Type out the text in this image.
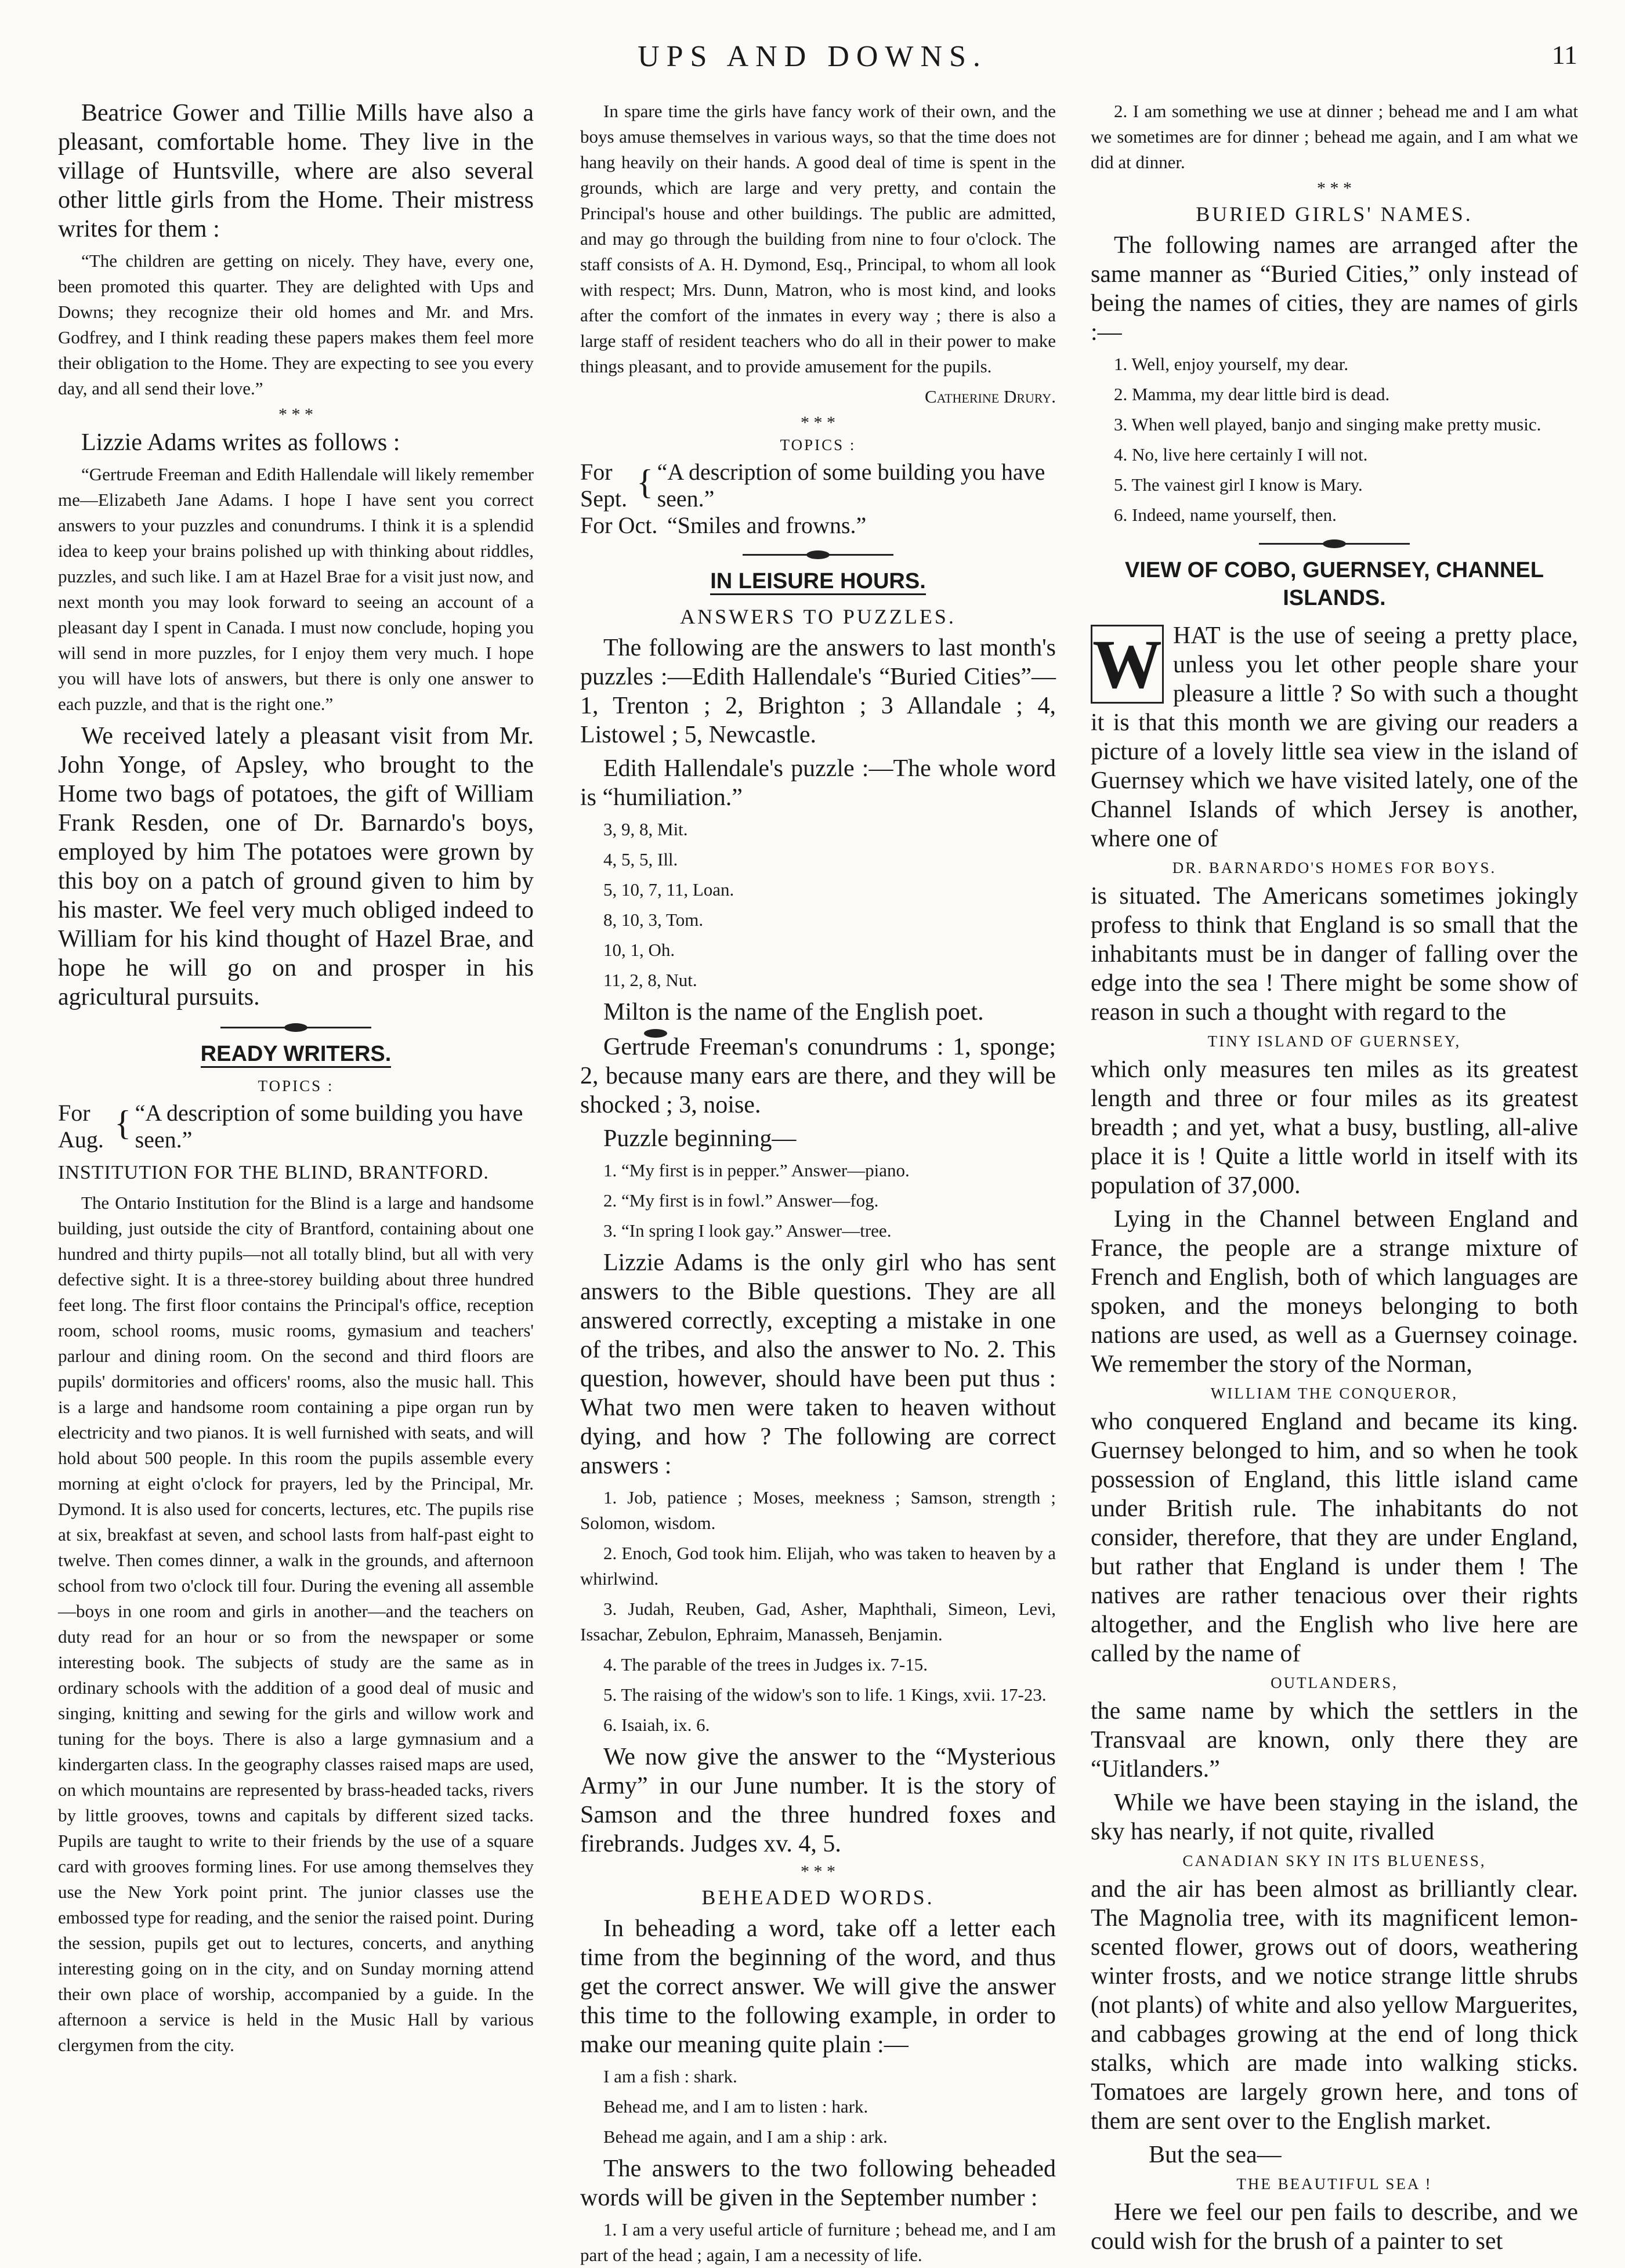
UPS AND DOWNS.	11

Beatrice Gower and Tillie Mills have also a pleasant, comfortable home. They live in the village of Huntsville, where are also several other little girls from the Home. Their mistress writes for them :

“The children are getting on nicely. They have, every one, been promoted this quarter. They are delighted with Ups and Downs; they recognize their old homes and Mr. and Mrs. Godfrey, and I think reading these papers makes them feel more their obligation to the Home. They are expecting to see you every day, and all send their love.”

* * *

Lizzie Adams writes as follows :

“Gertrude Freeman and Edith Hallendale will likely remember me—Elizabeth Jane Adams. I hope I have sent you correct answers to your puzzles and conundrums. I think it is a splendid idea to keep your brains polished up with thinking about riddles, puzzles, and such like. I am at Hazel Brae for a visit just now, and next month you may look forward to seeing an account of a pleasant day I spent in Canada. I must now conclude, hoping you will send in more puzzles, for I enjoy them very much. I hope you will have lots of answers, but there is only one answer to each puzzle, and that is the right one.”

We received lately a pleasant visit from Mr. John Yonge, of Apsley, who brought to the Home two bags of potatoes, the gift of William Frank Resden, one of Dr. Barnardo's boys, employed by him The potatoes were grown by this boy on a patch of ground given to him by his master. We feel very much obliged indeed to William for his kind thought of Hazel Brae, and hope he will go on and prosper in his agricultural pursuits.

READY WRITERS.
TOPICS :
For Aug. { “A description of some building you have seen.”
INSTITUTION FOR THE BLIND, BRANTFORD.

The Ontario Institution for the Blind is a large and handsome building, just outside the city of Brantford, containing about one hundred and thirty pupils—not all totally blind, but all with very defective sight. It is a three-storey building about three hundred feet long. The first floor contains the Principal's office, reception room, school rooms, music rooms, gymasium and teachers' parlour and dining room. On the second and third floors are pupils' dormitories and officers' rooms, also the music hall. This is a large and handsome room containing a pipe organ run by electricity and two pianos. It is well furnished with seats, and will hold about 500 people. In this room the pupils assemble every morning at eight o'clock for prayers, led by the Principal, Mr. Dymond. It is also used for concerts, lectures, etc. The pupils rise at six, breakfast at seven, and school lasts from half-past eight to twelve. Then comes dinner, a walk in the grounds, and afternoon school from two o'clock till four. During the evening all assemble—boys in one room and girls in another—and the teachers on duty read for an hour or so from the newspaper or some interesting book. The subjects of study are the same as in ordinary schools with the addition of a good deal of music and singing, knitting and sewing for the girls and willow work and tuning for the boys. There is also a large gymnasium and a kindergarten class. In the geography classes raised maps are used, on which mountains are represented by brass-headed tacks, rivers by little grooves, towns and capitals by different sized tacks. Pupils are taught to write to their friends by the use of a square card with grooves forming lines. For use among themselves they use the New York point print. The junior classes use the embossed type for reading, and the senior the raised point. During the session, pupils get out to lectures, concerts, and anything interesting going on in the city, and on Sunday morning attend their own place of worship, accompanied by a guide. In the afternoon a service is held in the Music Hall by various clergymen from the city.

In spare time the girls have fancy work of their own, and the boys amuse themselves in various ways, so that the time does not hang heavily on their hands. A good deal of time is spent in the grounds, which are large and very pretty, and contain the Principal's house and other buildings. The public are admitted, and may go through the building from nine to four o'clock. The staff consists of A. H. Dymond, Esq., Principal, to whom all look with respect; Mrs. Dunn, Matron, who is most kind, and looks after the comfort of the inmates in every way ; there is also a large staff of resident teachers who do all in their power to make things pleasant, and to provide amusement for the pupils.

Catherine Drury.

* * *
TOPICS :
For Sept. { “A description of some building you have seen.”
For Oct. “Smiles and frowns.”
IN LEISURE HOURS.
ANSWERS TO PUZZLES.

The following are the answers to last month's puzzles :—Edith Hallendale's “Buried Cities”—1, Trenton ; 2, Brighton ; 3 Allandale ; 4, Listowel ; 5, Newcastle.

Edith Hallendale's puzzle :—The whole word is “humiliation.”

3, 9, 8, Mit.

4, 5, 5, Ill.

5, 10, 7, 11, Loan.

8, 10, 3, Tom.

10, 1, Oh.

11, 2, 8, Nut.

Milton is the name of the English poet.

Gertrude Freeman's conundrums : 1, sponge; 2, because many ears are there, and they will be shocked ; 3, noise.

Puzzle beginning—

1. “My first is in pepper.” Answer—piano.

2. “My first is in fowl.” Answer—fog.

3. “In spring I look gay.” Answer—tree.

Lizzie Adams is the only girl who has sent answers to the Bible questions. They are all answered correctly, excepting a mistake in one of the tribes, and also the answer to No. 2. This question, however, should have been put thus : What two men were taken to heaven without dying, and how ? The following are correct answers :

1. Job, patience ; Moses, meekness ; Samson, strength ; Solomon, wisdom.

2. Enoch, God took him. Elijah, who was taken to heaven by a whirlwind.

3. Judah, Reuben, Gad, Asher, Maphthali, Simeon, Levi, Issachar, Zebulon, Ephraim, Manasseh, Benjamin.

4. The parable of the trees in Judges ix. 7-15.

5. The raising of the widow's son to life. 1 Kings, xvii. 17-23.

6. Isaiah, ix. 6.

We now give the answer to the “Mysterious Army” in our June number. It is the story of Samson and the three hundred foxes and firebrands. Judges xv. 4, 5.

* * *
BEHEADED WORDS.

In beheading a word, take off a letter each time from the beginning of the word, and thus get the correct answer. We will give the answer this time to the following example, in order to make our meaning quite plain :—

I am a fish : shark.

Behead me, and I am to listen : hark.

Behead me again, and I am a ship : ark.

The answers to the two following beheaded words will be given in the September number :

1. I am a very useful article of furniture ; behead me, and I am part of the head ; again, I am a necessity of life.

2. I am something we use at dinner ; behead me and I am what we sometimes are for dinner ; behead me again, and I am what we did at dinner.

* * *
BURIED GIRLS' NAMES.

The following names are arranged after the same manner as “Buried Cities,” only instead of being the names of cities, they are names of girls :—

1. Well, enjoy yourself, my dear.

2. Mamma, my dear little bird is dead.

3. When well played, banjo and singing make pretty music.

4. No, live here certainly I will not.

5. The vainest girl I know is Mary.

6. Indeed, name yourself, then.

VIEW OF COBO, GUERNSEY, CHANNEL ISLANDS.
W HAT is the use of seeing a pretty place, unless you let other people share your pleasure a little ? So with such a thought it is that this month we are giving our readers a picture of a lovely little sea view in the island of Guernsey which we have visited lately, one of the Channel Islands of which Jersey is another, where one of

DR. BARNARDO'S HOMES FOR BOYS.

is situated. The Americans sometimes jokingly profess to think that England is so small that the inhabitants must be in danger of falling over the edge into the sea ! There might be some show of reason in such a thought with regard to the

TINY ISLAND OF GUERNSEY,

which only measures ten miles as its greatest length and three or four miles as its greatest breadth ; and yet, what a busy, bustling, all-alive place it is ! Quite a little world in itself with its population of 37,000.

Lying in the Channel between England and France, the people are a strange mixture of French and English, both of which languages are spoken, and the moneys belonging to both nations are used, as well as a Guernsey coinage. We remember the story of the Norman,

WILLIAM THE CONQUEROR,

who conquered England and became its king. Guernsey belonged to him, and so when he took possession of England, this little island came under British rule. The inhabitants do not consider, therefore, that they are under England, but rather that England is under them ! The natives are rather tenacious over their rights altogether, and the English who live here are called by the name of

OUTLANDERS,

the same name by which the settlers in the Transvaal are known, only there they are “Uitlanders.”

While we have been staying in the island, the sky has nearly, if not quite, rivalled

CANADIAN SKY IN ITS BLUENESS,

and the air has been almost as brilliantly clear. The Magnolia tree, with its magnificent lemon-scented flower, grows out of doors, weathering winter frosts, and we notice strange little shrubs (not plants) of white and also yellow Marguerites, and cabbages growing at the end of long thick stalks, which are made into walking sticks. Tomatoes are largely grown here, and tons of them are sent over to the English market.

But the sea—

THE BEAUTIFUL SEA !

Here we feel our pen fails to describe, and we could wish for the brush of a painter to set
